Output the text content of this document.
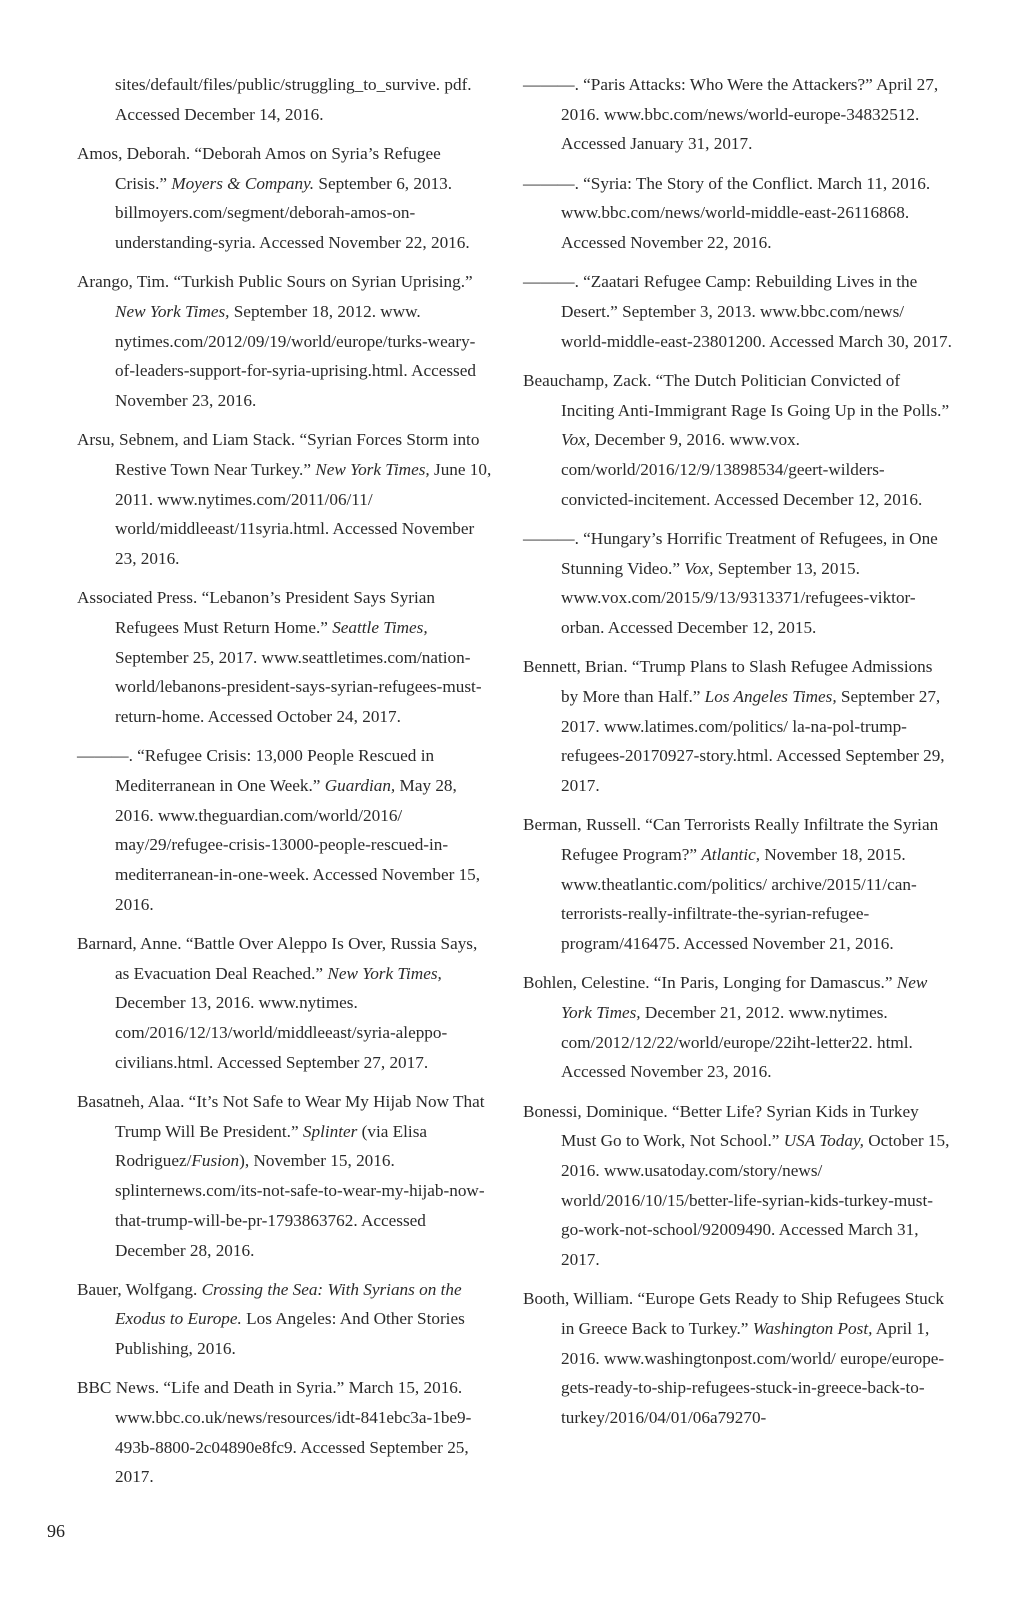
sites/default/files/public/struggling_to_survive. pdf. Accessed December 14, 2016.

Amos, Deborah. “Deborah Amos on Syria’s Refugee Crisis.” Moyers & Company. September 6, 2013. billmoyers.com/segment/deborah-amos-on-understanding-syria. Accessed November 22, 2016.

Arango, Tim. “Turkish Public Sours on Syrian Uprising.” New York Times, September 18, 2012. www. nytimes.com/2012/09/19/world/europe/turks-weary-of-leaders-support-for-syria-uprising.html. Accessed November 23, 2016.

Arsu, Sebnem, and Liam Stack. “Syrian Forces Storm into Restive Town Near Turkey.” New York Times, June 10, 2011. www.nytimes.com/2011/06/11/ world/middleeast/11syria.html. Accessed November 23, 2016.

Associated Press. “Lebanon’s President Says Syrian Refugees Must Return Home.” Seattle Times, September 25, 2017. www.seattletimes.com/nation-world/lebanons-president-says-syrian-refugees-must-return-home. Accessed October 24, 2017.

———. “Refugee Crisis: 13,000 People Rescued in Mediterranean in One Week.” Guardian, May 28, 2016. www.theguardian.com/world/2016/ may/29/refugee-crisis-13000-people-rescued-in-mediterranean-in-one-week. Accessed November 15, 2016.

Barnard, Anne. “Battle Over Aleppo Is Over, Russia Says, as Evacuation Deal Reached.” New York Times, December 13, 2016. www.nytimes. com/2016/12/13/world/middleeast/syria-aleppo-civilians.html. Accessed September 27, 2017.

Basatneh, Alaa. “It’s Not Safe to Wear My Hijab Now That Trump Will Be President.” Splinter (via Elisa Rodriguez/Fusion), November 15, 2016. splinternews.com/its-not-safe-to-wear-my-hijab-now-that-trump-will-be-pr-1793863762. Accessed December 28, 2016.

Bauer, Wolfgang. Crossing the Sea: With Syrians on the Exodus to Europe. Los Angeles: And Other Stories Publishing, 2016.

BBC News. “Life and Death in Syria.” March 15, 2016. www.bbc.co.uk/news/resources/idt-841ebc3a-1be9-493b-8800-2c04890e8fc9. Accessed September 25, 2017.

———. “Paris Attacks: Who Were the Attackers?” April 27, 2016. www.bbc.com/news/world-europe-34832512. Accessed January 31, 2017.

———. “Syria: The Story of the Conflict. March 11, 2016. www.bbc.com/news/world-middle-east-26116868. Accessed November 22, 2016.

———. “Zaatari Refugee Camp: Rebuilding Lives in the Desert.” September 3, 2013. www.bbc.com/news/ world-middle-east-23801200. Accessed March 30, 2017.

Beauchamp, Zack. “The Dutch Politician Convicted of Inciting Anti-Immigrant Rage Is Going Up in the Polls.” Vox, December 9, 2016. www.vox. com/world/2016/12/9/13898534/geert-wilders-convicted-incitement. Accessed December 12, 2016.

———. “Hungary’s Horrific Treatment of Refugees, in One Stunning Video.” Vox, September 13, 2015. www.vox.com/2015/9/13/9313371/refugees-viktor-orban. Accessed December 12, 2015.

Bennett, Brian. “Trump Plans to Slash Refugee Admissions by More than Half.” Los Angeles Times, September 27, 2017. www.latimes.com/politics/ la-na-pol-trump-refugees-20170927-story.html. Accessed September 29, 2017.

Berman, Russell. “Can Terrorists Really Infiltrate the Syrian Refugee Program?” Atlantic, November 18, 2015. www.theatlantic.com/politics/ archive/2015/11/can-terrorists-really-infiltrate-the-syrian-refugee-program/416475. Accessed November 21, 2016.

Bohlen, Celestine. “In Paris, Longing for Damascus.” New York Times, December 21, 2012. www.nytimes. com/2012/12/22/world/europe/22iht-letter22. html. Accessed November 23, 2016.

Bonessi, Dominique. “Better Life? Syrian Kids in Turkey Must Go to Work, Not School.” USA Today, October 15, 2016. www.usatoday.com/story/news/ world/2016/10/15/better-life-syrian-kids-turkey-must-go-work-not-school/92009490. Accessed March 31, 2017.

Booth, William. “Europe Gets Ready to Ship Refugees Stuck in Greece Back to Turkey.” Washington Post, April 1, 2016. www.washingtonpost.com/world/ europe/europe-gets-ready-to-ship-refugees-stuck-in-greece-back-to-turkey/2016/04/01/06a79270-

96
